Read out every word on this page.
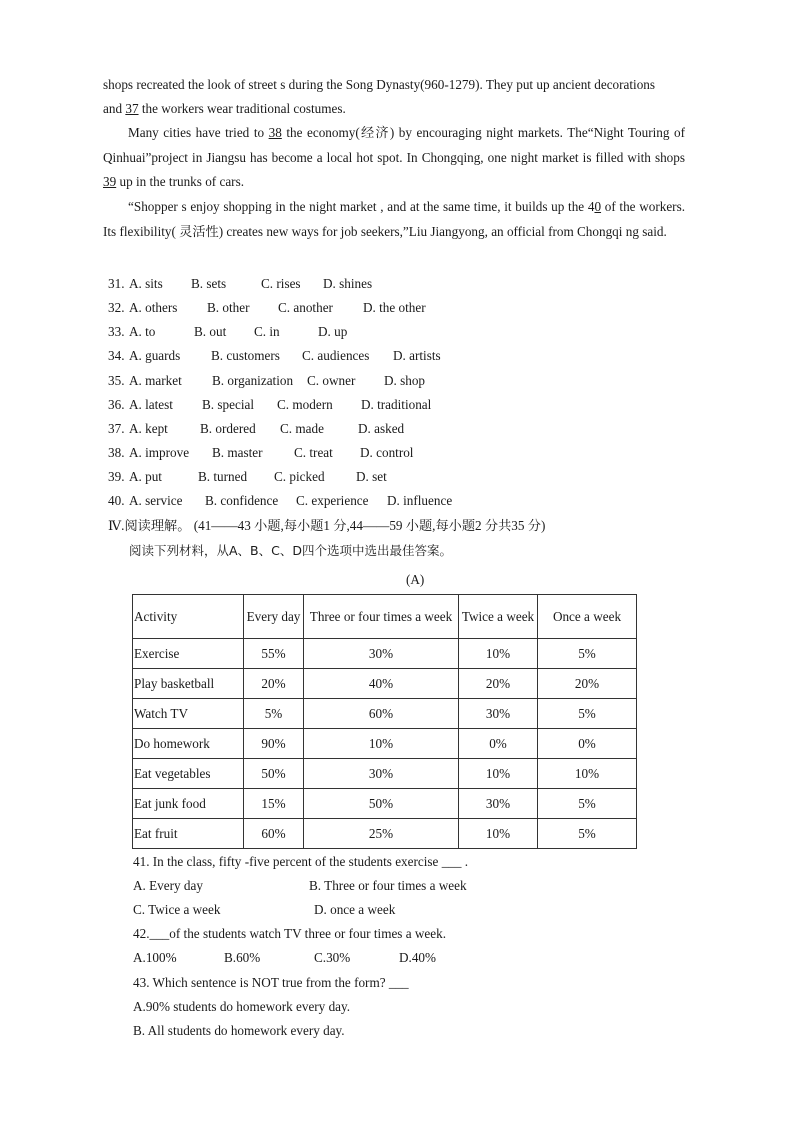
shops recreated the look of street s during the Song Dynasty(960-1279). They put up ancient decorations
and 37 the workers wear traditional costumes.
Many cities have tried to 38 the economy(经济) by encouraging night markets. The“Night Touring of Qinhuai”project in Jiangsu has become a local hot spot. In Chongqing, one night market is filled with shops 39 up in the trunks of cars.
“Shopper s enjoy shopping in the night market , and at the same time, it builds up the 40 of the workers. Its flexibility( 灵活性) creates new ways for job seekers,”Liu Jiangyong, an official from Chongqi ng said.
31. A. sits B. sets	C. rises D. shines
32. A. others B. other C. another D. the other
33. A. to	B. out C. in	D. up
34. A. guards B. customers C. audiences D. artists
35. A. market B. organization C. owner D. shop
36. A. latest B. special C. modern D. traditional
37. A. kept B. ordered C. made	D. asked
38. A. improve B. master C. treat D. control
39. A. put	B. turned C. picked D. set
40. A. service B. confidence C. experience D. influence
Ⅳ.阅读理解。 (41——43 小题,每小题1 分,44——59 小题,每小题2 分共35 分)
阅读下列材料，从A、B、C、D四个选项中选出最佳答案。
(A)
Activity	Every day	Three or four times a week	Twice a week	Once a week
Exercise	55%	30%	10%	5%
Play basketball	20%	40%	20%	20%
Watch TV	5%	60%	30%	5%
Do homework	90%	10%	0%	0%
Eat vegetables	50%	30%	10%	10%
Eat junk food	15%	50%	30%	5%
Eat fruit	60%	25%	10%	5%
41. In the class, fifty -five percent of the students exercise ___ .
A. Every day	B. Three or four times a week
C. Twice a week	D. once a week
42.___of the students watch TV three or four times a week.
A.100%	B.60%	C.30%	D.40%
43. Which sentence is NOT true from the form? ___
A.90% students do homework every day.
B. All students do homework every day.
